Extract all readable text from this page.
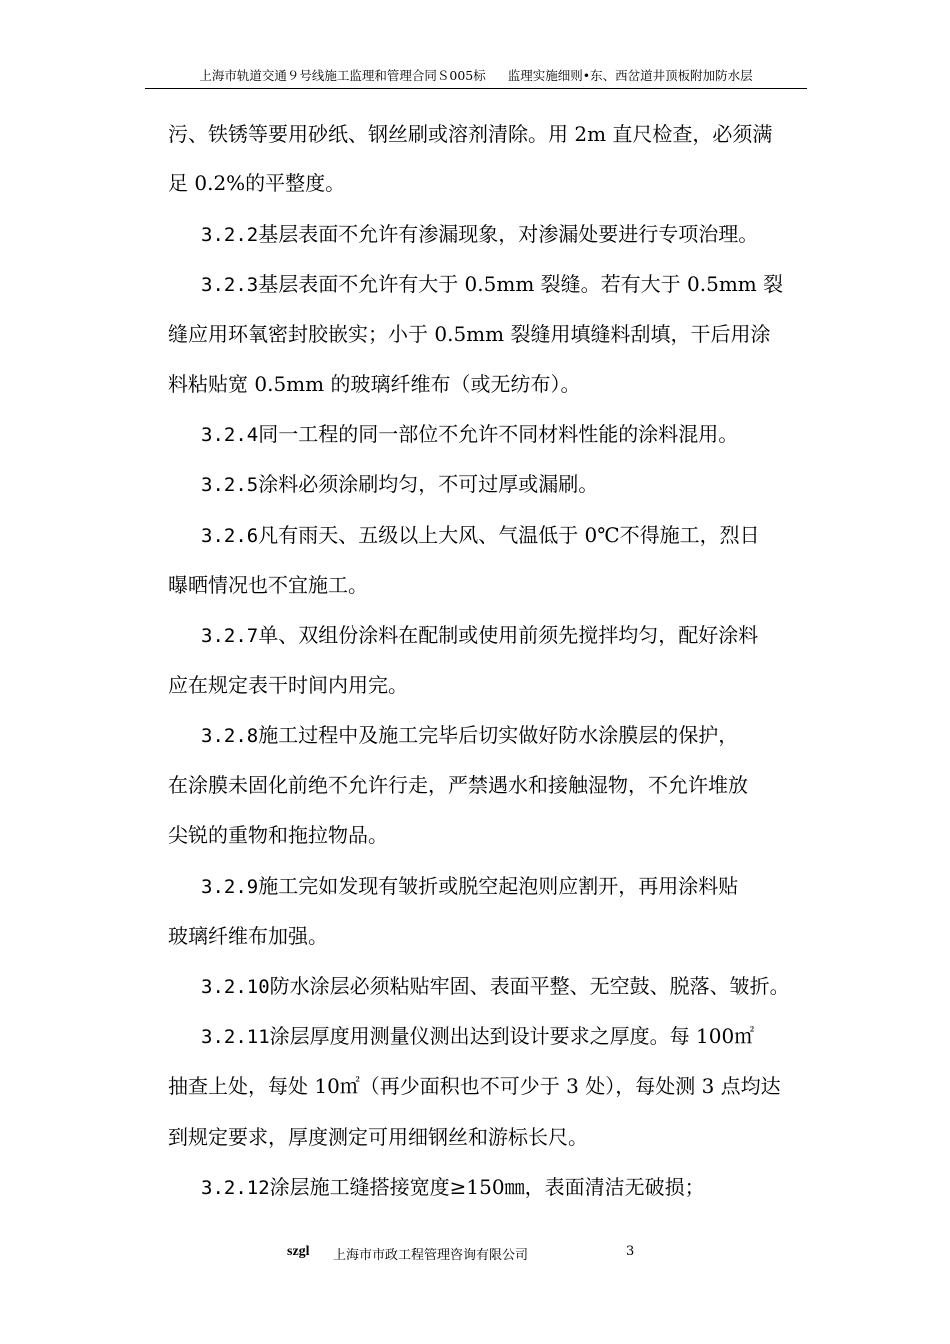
上海市轨道交通９号线施工监理和管理合同Ｓ005标 监理实施细则•东、西岔道井顶板附加防水层
污、铁锈等要用砂纸、钢丝刷或溶剂清除。用 2m 直尺检查，必须满
足 0.2%的平整度。
3.2.2基层表面不允许有渗漏现象，对渗漏处要进行专项治理。
3.2.3基层表面不允许有大于 0.5mm 裂缝。若有大于 0.5mm 裂
缝应用环氧密封胶嵌实；小于 0.5mm 裂缝用填缝料刮填，干后用涂
料粘贴宽 0.5mm 的玻璃纤维布（或无纺布）。
3.2.4同一工程的同一部位不允许不同材料性能的涂料混用。
3.2.5涂料必须涂刷均匀，不可过厚或漏刷。
3.2.6凡有雨天、五级以上大风、气温低于 0℃不得施工，烈日
曝晒情况也不宜施工。
3.2.7单、双组份涂料在配制或使用前须先搅拌均匀，配好涂料
应在规定表干时间内用完。
3.2.8施工过程中及施工完毕后切实做好防水涂膜层的保护，
在涂膜未固化前绝不允许行走，严禁遇水和接触湿物，不允许堆放
尖锐的重物和拖拉物品。
3.2.9施工完如发现有皱折或脱空起泡则应割开，再用涂料贴
玻璃纤维布加强。
3.2.10防水涂层必须粘贴牢固、表面平整、无空鼓、脱落、皱折。
3.2.11涂层厚度用测量仪测出达到设计要求之厚度。每 100㎡
抽查上处，每处 10㎡（再少面积也不可少于 3 处），每处测 3 点均达
到规定要求，厚度测定可用细钢丝和游标长尺。
3.2.12涂层施工缝搭接宽度≥150㎜，表面清洁无破损；
szgl 上海市市政工程管理咨询有限公司	3
